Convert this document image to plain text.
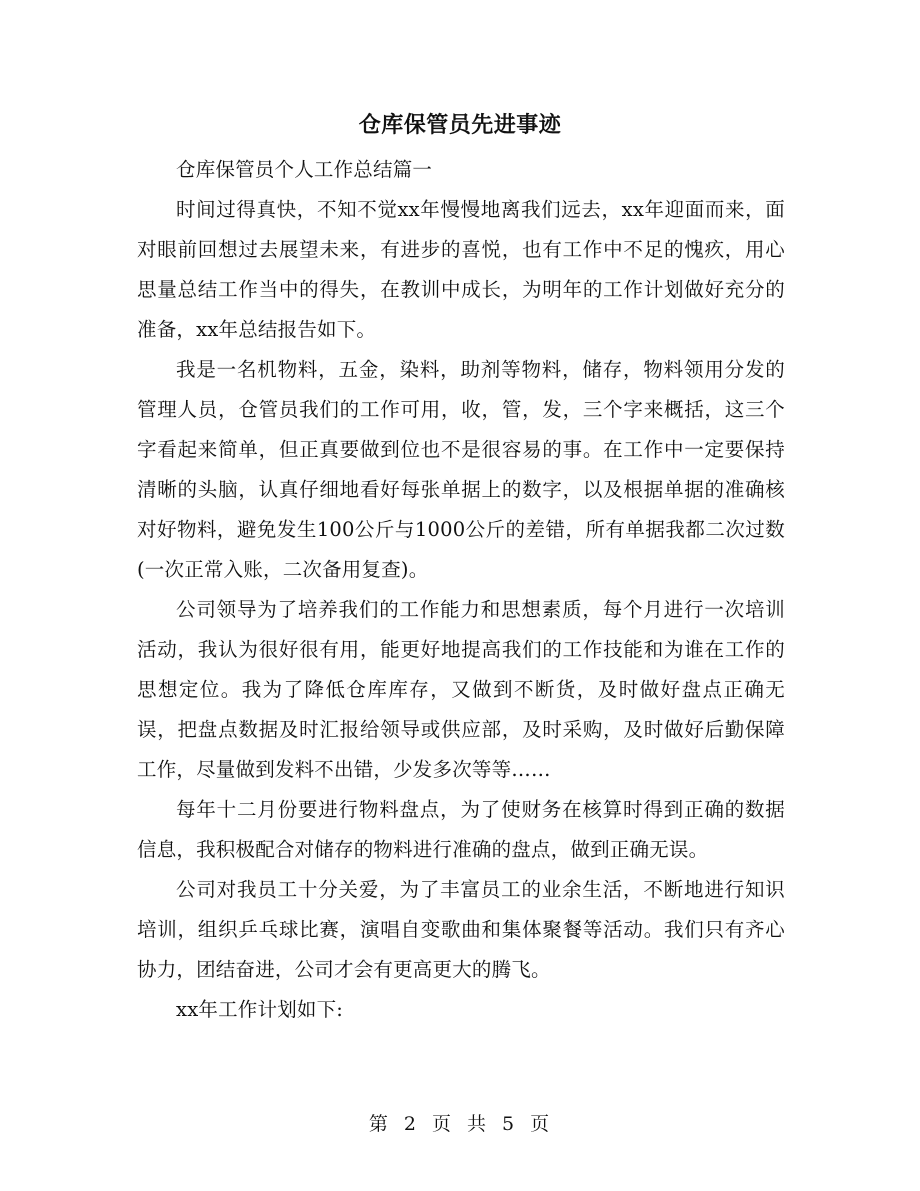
仓库保管员先进事迹

仓库保管员个人工作总结篇一

时间过得真快，不知不觉xx年慢慢地离我们远去，xx年迎面而来，面对眼前回想过去展望未来，有进步的喜悦，也有工作中不足的愧疚，用心思量总结工作当中的得失，在教训中成长，为明年的工作计划做好充分的准备，xx年总结报告如下。

我是一名机物料，五金，染料，助剂等物料，储存，物料领用分发的管理人员，仓管员我们的工作可用，收，管，发，三个字来概括，这三个字看起来简单，但正真要做到位也不是很容易的事。在工作中一定要保持清晰的头脑，认真仔细地看好每张单据上的数字，以及根据单据的准确核对好物料，避免发生100公斤与1000公斤的差错，所有单据我都二次过数(一次正常入账，二次备用复查)。

公司领导为了培养我们的工作能力和思想素质，每个月进行一次培训活动，我认为很好很有用，能更好地提高我们的工作技能和为谁在工作的思想定位。我为了降低仓库库存，又做到不断货，及时做好盘点正确无误，把盘点数据及时汇报给领导或供应部，及时采购，及时做好后勤保障工作，尽量做到发料不出错，少发多次等等……

每年十二月份要进行物料盘点，为了使财务在核算时得到正确的数据信息，我积极配合对储存的物料进行准确的盘点，做到正确无误。

公司对我员工十分关爱，为了丰富员工的业余生活，不断地进行知识培训，组织乒乓球比赛，演唱自变歌曲和集体聚餐等活动。我们只有齐心协力，团结奋进，公司才会有更高更大的腾飞。

xx年工作计划如下:

第 2 页 共 5 页
